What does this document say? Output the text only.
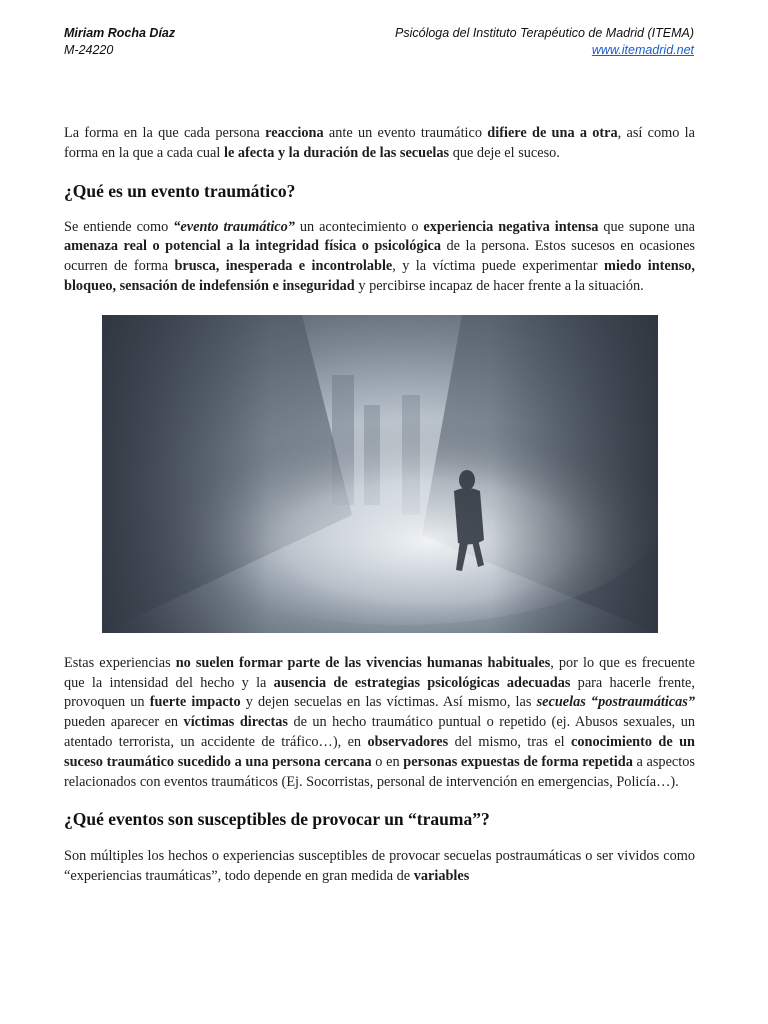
Miriam Rocha Díaz
M-24220
Psicóloga del Instituto Terapéutico de Madrid (ITEMA)
www.itemadrid.net

La forma en la que cada persona reacciona ante un evento traumático difiere de una a otra, así como la forma en la que a cada cual le afecta y la duración de las secuelas que deje el suceso.

¿Qué es un evento traumático?

Se entiende como “evento traumático” un acontecimiento o experiencia negativa intensa que supone una amenaza real o potencial a la integridad física o psicológica de la persona. Estos sucesos en ocasiones ocurren de forma brusca, inesperada e incontrolable, y la víctima puede experimentar miedo intenso, bloqueo, sensación de indefensión e inseguridad y percibirse incapaz de hacer frente a la situación.

Estas experiencias no suelen formar parte de las vivencias humanas habituales, por lo que es frecuente que la intensidad del hecho y la ausencia de estrategias psicológicas adecuadas para hacerle frente, provoquen un fuerte impacto y dejen secuelas en las víctimas. Así mismo, las secuelas “postraumáticas” pueden aparecer en víctimas directas de un hecho traumático puntual o repetido (ej. Abusos sexuales, un atentado terrorista, un accidente de tráfico…), en observadores del mismo, tras el conocimiento de un suceso traumático sucedido a una persona cercana o en personas expuestas de forma repetida a aspectos relacionados con eventos traumáticos (Ej. Socorristas, personal de intervención en emergencias, Policía…).

¿Qué eventos son susceptibles de provocar un “trauma”?

Son múltiples los hechos o experiencias susceptibles de provocar secuelas postraumáticas o ser vividos como “experiencias traumáticas”, todo depende en gran medida de variables
